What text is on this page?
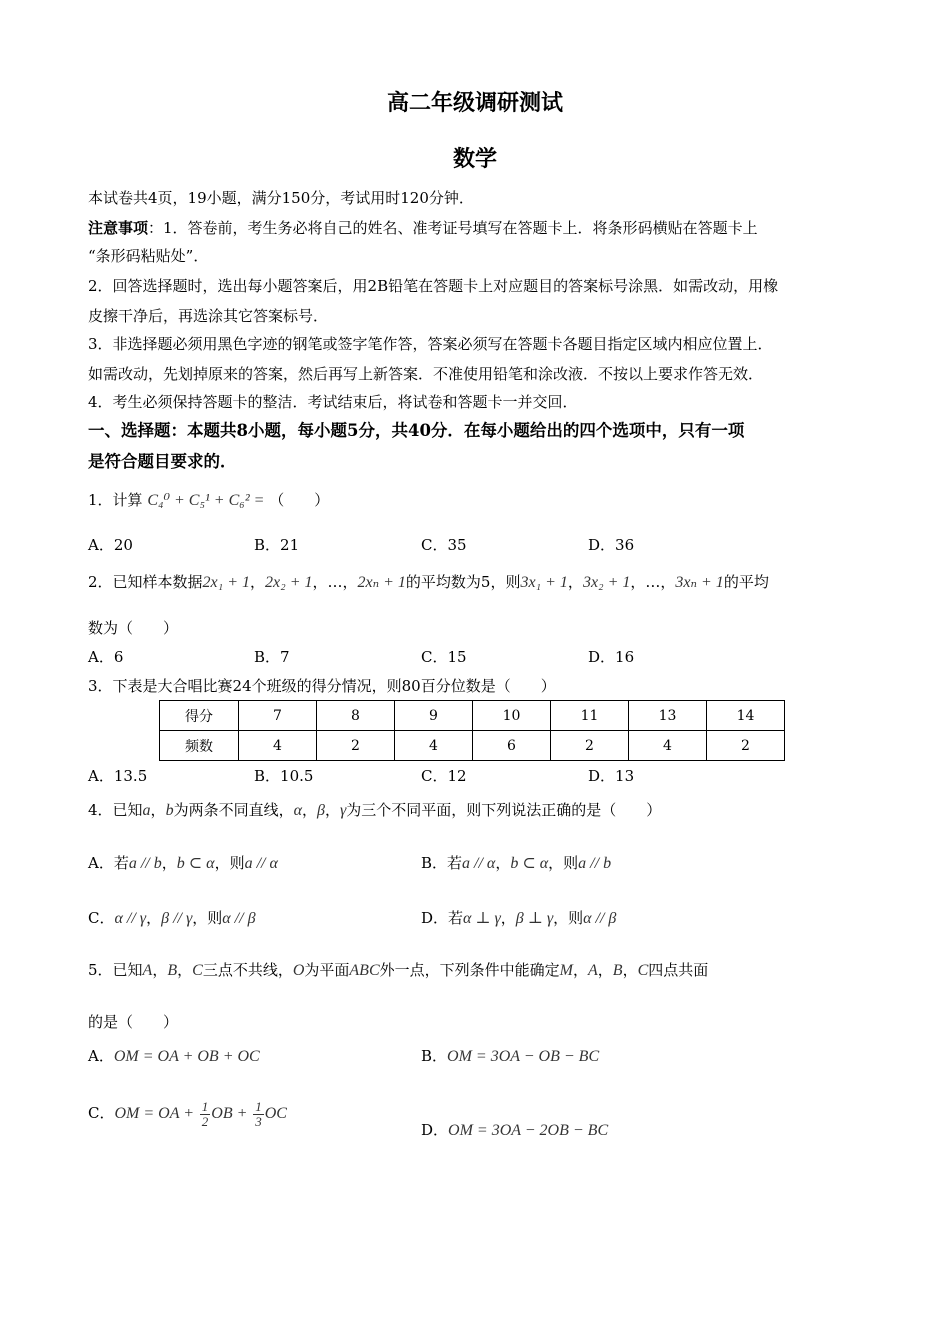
高二年级调研测试
数学
本试卷共4页，19小题，满分150分，考试用时120分钟．
注意事项：1．答卷前，考生务必将自己的姓名、准考证号填写在答题卡上．将条形码横贴在答题卡上
“条形码粘贴处”．
2．回答选择题时，选出每小题答案后，用2B铅笔在答题卡上对应题目的答案标号涂黑．如需改动，用橡
皮擦干净后，再选涂其它答案标号．
3．非选择题必须用黑色字迹的钢笔或签字笔作答，答案必须写在答题卡各题目指定区域内相应位置上．
如需改动，先划掉原来的答案，然后再写上新答案．不准使用铅笔和涂改液．不按以上要求作答无效．
4．考生必须保持答题卡的整洁．考试结束后，将试卷和答题卡一并交回．
一、选择题：本题共8小题，每小题5分，共40分．在每小题给出的四个选项中，只有一项
是符合题目要求的．
1．计算 C₄⁰ + C₅¹ + C₆² = （　　）
A．20	B．21	C．35	D．36
2．已知样本数据2x₁ + 1，2x₂ + 1，…，2xₙ + 1的平均数为5，则3x₁ + 1，3x₂ + 1，…，3xₙ + 1的平均
数为（　　）
A．6	B．7	C．15	D．16
3．下表是大合唱比赛24个班级的得分情况，则80百分位数是（　　）
得分	7	8	9	10	11	13	14
频数	4	2	4	6	2	4	2
A．13.5	B．10.5	C．12	D．13
4．已知a，b为两条不同直线，α，β，γ为三个不同平面，则下列说法正确的是（　　）
A．若a // b，b ⊂ α，则a // α	B．若a // α，b ⊂ α，则a // b
C．α // γ，β // γ，则α // β	D．若α ⊥ γ，β ⊥ γ，则α // β
5．已知A，B，C三点不共线，O为平面ABC外一点，下列条件中能确定M，A，B，C四点共面
的是（　　）
A．OM = OA + OB + OC	B．OM = 3OA − OB − BC
C．OM = OA + $\frac{1}{2}$ OB + $\frac{1}{3}$ OC
D．OM = 3OA − 2OB − BC
